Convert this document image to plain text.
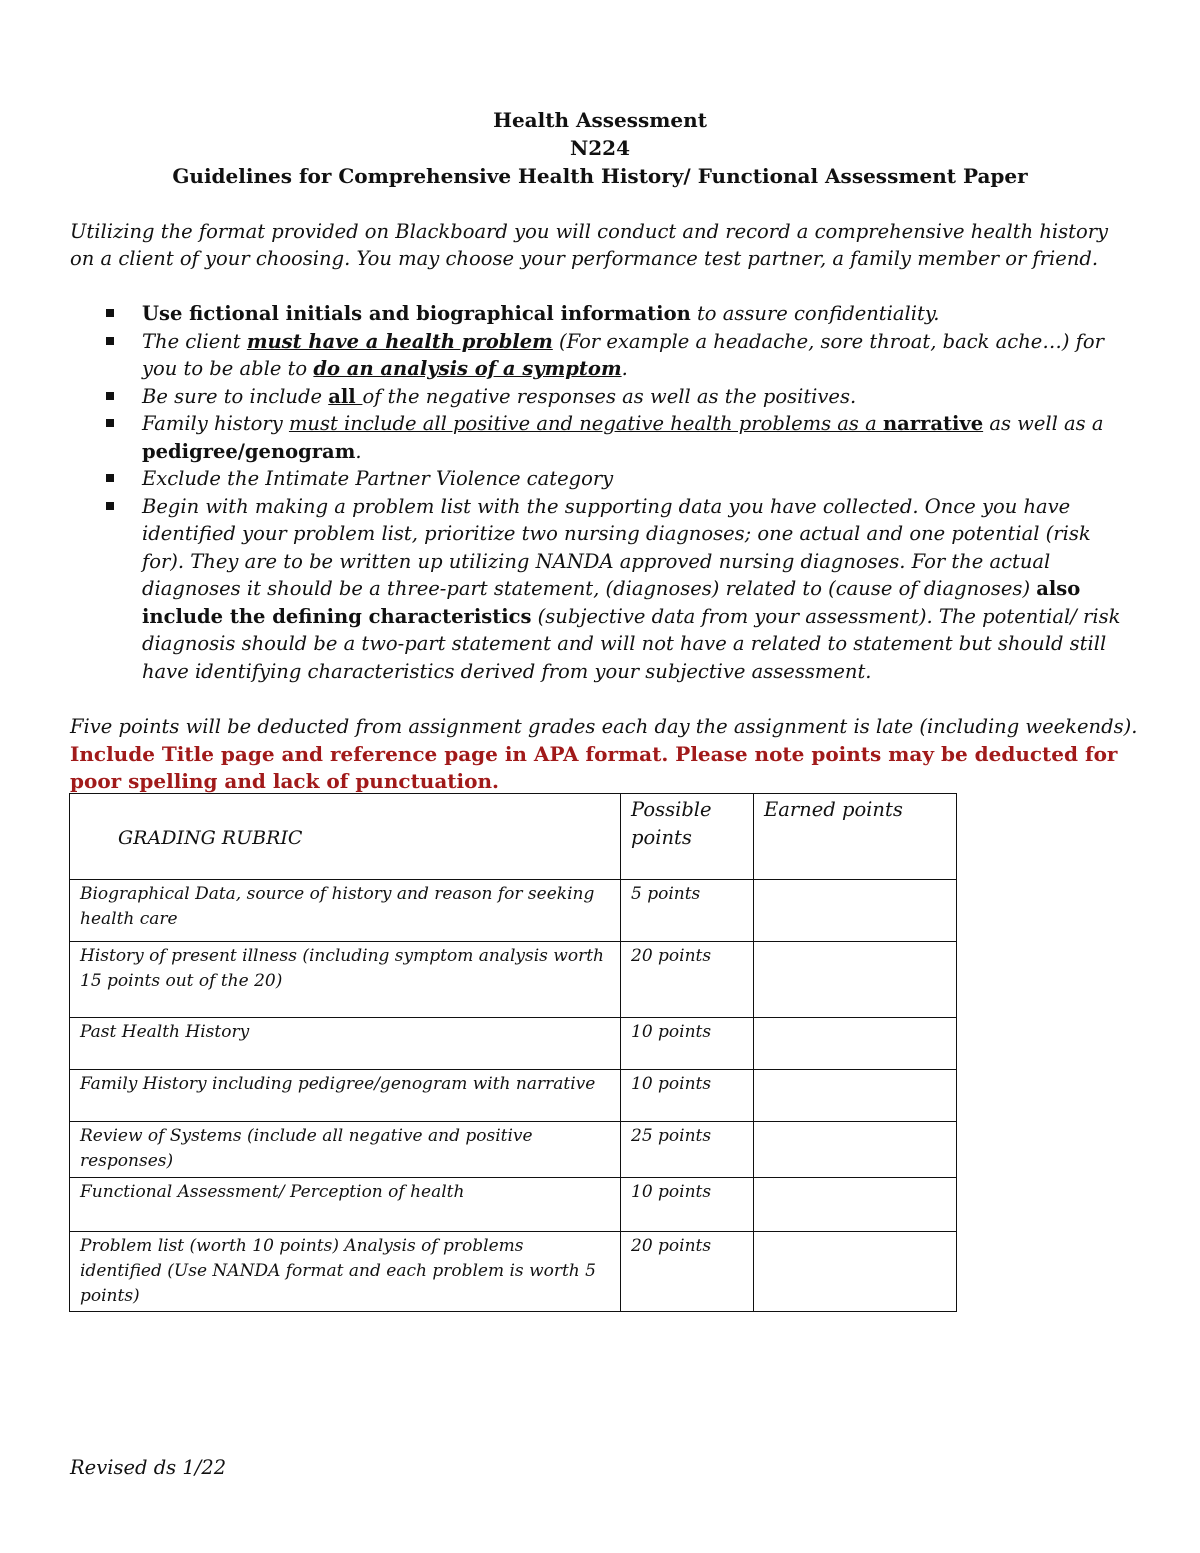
Health Assessment
N224
Guidelines for Comprehensive Health History/ Functional Assessment Paper
Utilizing the format provided on Blackboard you will conduct and record a comprehensive health history on a client of your choosing. You may choose your performance test partner, a family member or friend.
Use fictional initials and biographical information to assure confidentiality.
The client must have a health problem (For example a headache, sore throat, back ache…) for you to be able to do an analysis of a symptom.
Be sure to include all of the negative responses as well as the positives.
Family history must include all positive and negative health problems as a narrative as well as a pedigree/genogram.
Exclude the Intimate Partner Violence category
Begin with making a problem list with the supporting data you have collected. Once you have identified your problem list, prioritize two nursing diagnoses; one actual and one potential (risk for). They are to be written up utilizing NANDA approved nursing diagnoses. For the actual diagnoses it should be a three-part statement, (diagnoses) related to (cause of diagnoses) also include the defining characteristics (subjective data from your assessment). The potential/ risk diagnosis should be a two-part statement and will not have a related to statement but should still have identifying characteristics derived from your subjective assessment.
Five points will be deducted from assignment grades each day the assignment is late (including weekends).
Include Title page and reference page in APA format. Please note points may be deducted for poor spelling and lack of punctuation.
GRADING RUBRIC	Possible points	Earned points
Biographical Data, source of history and reason for seeking health care	5 points	
History of present illness (including symptom analysis worth 15 points out of the 20)	20 points	
Past Health History	10 points	
Family History including pedigree/genogram with narrative	10 points	
Review of Systems (include all negative and positive responses)	25 points	
Functional Assessment/ Perception of health	10 points	
Problem list (worth 10 points) Analysis of problems identified (Use NANDA format and each problem is worth 5 points)	20 points	
Revised ds 1/22
